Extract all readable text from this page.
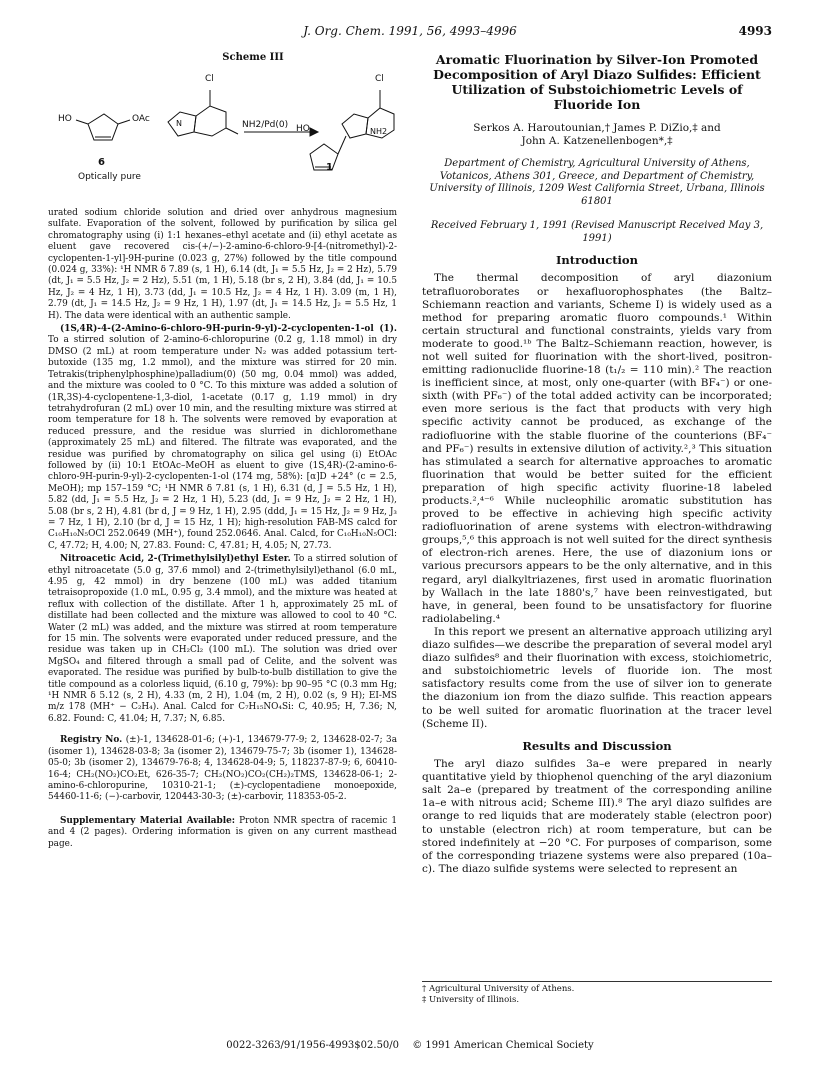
J. Org. Chem. 1991, 56, 4993–4996	4993
Scheme III
Cl	Cl
HO	OAc
NH2/Pd(0) HO	NH2
N
6	1
Optically pure

urated sodium chloride solution and dried over anhydrous magnesium sulfate. Evaporation of the solvent, followed by purification by silica gel chromatography using (i) 1:1 hexanes–ethyl acetate and (ii) ethyl acetate as eluent gave recovered cis-(+/−)-2-amino-6-chloro-9-[4-(nitromethyl)-2-cyclopenten-1-yl]-9H-purine (0.023 g, 27%) followed by the title compound (0.024 g, 33%): ¹H NMR δ 7.89 (s, 1 H), 6.14 (dt, J₁ = 5.5 Hz, J₂ = 2 Hz), 5.79 (dt, J₁ = 5.5 Hz, J₂ = 2 Hz), 5.51 (m, 1 H), 5.18 (br s, 2 H), 3.84 (dd, J₁ = 10.5 Hz, J₂ = 4 Hz, 1 H), 3.73 (dd, J₁ = 10.5 Hz, J₂ = 4 Hz, 1 H). 3.09 (m, 1 H), 2.79 (dt, J₁ = 14.5 Hz, J₂ = 9 Hz, 1 H), 1.97 (dt, J₁ = 14.5 Hz, J₂ = 5.5 Hz, 1 H). The data were identical with an authentic sample.

(1S,4R)-4-(2-Amino-6-chloro-9H-purin-9-yl)-2-cyclopenten-1-ol (1). To a stirred solution of 2-amino-6-chloropurine (0.2 g, 1.18 mmol) in dry DMSO (2 mL) at room temperature under N₂ was added potassium tert-butoxide (135 mg, 1.2 mmol), and the mixture was stirred for 20 min. Tetrakis(triphenylphosphine)palladium(0) (50 mg, 0.04 mmol) was added, and the mixture was cooled to 0 °C. To this mixture was added a solution of (1R,3S)-4-cyclopentene-1,3-diol, 1-acetate (0.17 g, 1.19 mmol) in dry tetrahydrofuran (2 mL) over 10 min, and the resulting mixture was stirred at room temperature for 18 h. The solvents were removed by evaporation at reduced pressure, and the residue was slurried in dichloromethane (approximately 25 mL) and filtered. The filtrate was evaporated, and the residue was purified by chromatography on silica gel using (i) EtOAc followed by (ii) 10:1 EtOAc–MeOH as eluent to give (1S,4R)-(2-amino-6-chloro-9H-purin-9-yl)-2-cyclopenten-1-ol (174 mg, 58%): [α]D +24° (c = 2.5, MeOH); mp 157–159 °C; ¹H NMR δ 7.81 (s, 1 H), 6.31 (d, J = 5.5 Hz, 1 H), 5.82 (dd, J₁ = 5.5 Hz, J₂ = 2 Hz, 1 H), 5.23 (dd, J₁ = 9 Hz, J₂ = 2 Hz, 1 H), 5.08 (br s, 2 H), 4.81 (br d, J = 9 Hz, 1 H), 2.95 (ddd, J₁ = 15 Hz, J₂ = 9 Hz, J₃ = 7 Hz, 1 H), 2.10 (br d, J = 15 Hz, 1 H); high-resolution FAB-MS calcd for C₁₀H₁₀N₅OCl 252.0649 (MH⁺), found 252.0646. Anal. Calcd, for C₁₀H₁₀N₅OCl: C, 47.72; H, 4.00; N, 27.83. Found: C, 47.81; H, 4.05; N, 27.73.

Nitroacetic Acid, 2-(Trimethylsilyl)ethyl Ester. To a stirred solution of ethyl nitroacetate (5.0 g, 37.6 mmol) and 2-(trimethylsilyl)ethanol (6.0 mL, 4.95 g, 42 mmol) in dry benzene (100 mL) was added titanium tetraisopropoxide (1.0 mL, 0.95 g, 3.4 mmol), and the mixture was heated at reflux with collection of the distillate. After 1 h, approximately 25 mL of distillate had been collected and the mixture was allowed to cool to 40 °C. Water (2 mL) was added, and the mixture was stirred at room temperature for 15 min. The solvents were evaporated under reduced pressure, and the residue was taken up in CH₂Cl₂ (100 mL). The solution was dried over MgSO₄ and filtered through a small pad of Celite, and the solvent was evaporated. The residue was purified by bulb-to-bulb distillation to give the title compound as a colorless liquid, (6.10 g, 79%): bp 90–95 °C (0.3 mm Hg; ¹H NMR δ 5.12 (s, 2 H), 4.33 (m, 2 H), 1.04 (m, 2 H), 0.02 (s, 9 H); EI-MS m/z 178 (MH⁺ − C₂H₄). Anal. Calcd for C₇H₁₅NO₄Si: C, 40.95; H, 7.36; N, 6.82. Found: C, 41.04; H, 7.37; N, 6.85.

Registry No. (±)-1, 134628-01-6; (+)-1, 134679-77-9; 2, 134628-02-7; 3a (isomer 1), 134628-03-8; 3a (isomer 2), 134679-75-7; 3b (isomer 1), 134628-05-0; 3b (isomer 2), 134679-76-8; 4, 134628-04-9; 5, 118237-87-9; 6, 60410-16-4; CH₂(NO₂)CO₂Et, 626-35-7; CH₂(NO₂)CO₂(CH₂)₂TMS, 134628-06-1; 2-amino-6-chloropurine, 10310-21-1; (±)-cyclopentadiene monoepoxide, 54460-11-6; (−)-carbovir, 120443-30-3; (±)-carbovir, 118353-05-2.

Supplementary Material Available: Proton NMR spectra of racemic 1 and 4 (2 pages). Ordering information is given on any current masthead page.

Aromatic Fluorination by Silver-Ion Promoted Decomposition of Aryl Diazo Sulfides: Efficient Utilization of Substoichiometric Levels of Fluoride Ion
Serkos A. Haroutounian,† James P. DiZio,‡ and
John A. Katzenellenbogen*,‡
Department of Chemistry, Agricultural University of Athens, Votanicos, Athens 301, Greece, and Department of Chemistry, University of Illinois, 1209 West California Street, Urbana, Illinois 61801
Received February 1, 1991 (Revised Manuscript Received May 3, 1991)
Introduction

The thermal decomposition of aryl diazonium tetrafluoroborates or hexafluorophosphates (the Baltz–Schiemann reaction and variants, Scheme I) is widely used as a method for preparing aromatic fluoro compounds.¹ Within certain structural and functional constraints, yields vary from moderate to good.¹ᵇ The Baltz–Schiemann reaction, however, is not well suited for fluorination with the short-lived, positron-emitting radionuclide fluorine-18 (t₁/₂ = 110 min).² The reaction is inefficient since, at most, only one-quarter (with BF₄⁻) or one-sixth (with PF₆⁻) of the total added activity can be incorporated; even more serious is the fact that products with very high specific activity cannot be produced, as exchange of the radiofluorine with the stable fluorine of the counterions (BF₄⁻ and PF₆⁻) results in extensive dilution of activity.²,³ This situation has stimulated a search for alternative approaches to aromatic fluorination that would be better suited for the efficient preparation of high specific activity fluorine-18 labeled products.²,⁴⁻⁶ While nucleophilic aromatic substitution has proved to be effective in achieving high specific activity radiofluorination of arene systems with electron-withdrawing groups,⁵,⁶ this approach is not well suited for the direct synthesis of electron-rich arenes. Here, the use of diazonium ions or various precursors appears to be the only alternative, and in this regard, aryl dialkyltriazenes, first used in aromatic fluorination by Wallach in the late 1880's,⁷ have been reinvestigated, but have, in general, been found to be unsatisfactory for fluorine radiolabeling.⁴

In this report we present an alternative approach utilizing aryl diazo sulfides—we describe the preparation of several model aryl diazo sulfides⁸ and their fluorination with excess, stoichiometric, and substoichiometric levels of fluoride ion. The most satisfactory results come from the use of silver ion to generate the diazonium ion from the diazo sulfide. This reaction appears to be well suited for aromatic fluorination at the tracer level (Scheme II).

Results and Discussion

The aryl diazo sulfides 3a–e were prepared in nearly quantitative yield by thiophenol quenching of the aryl diazonium salt 2a–e (prepared by treatment of the corresponding aniline 1a–e with nitrous acid; Scheme III).⁸ The aryl diazo sulfides are orange to red liquids that are moderately stable (electron poor) to unstable (electron rich) at room temperature, but can be stored indefinitely at −20 °C. For purposes of comparison, some of the corresponding triazene systems were also prepared (10a–c). The diazo sulfide systems were selected to represent an

† Agricultural University of Athens.
‡ University of Illinois.
0022-3263/91/1956-4993$02.50/0 © 1991 American Chemical Society
